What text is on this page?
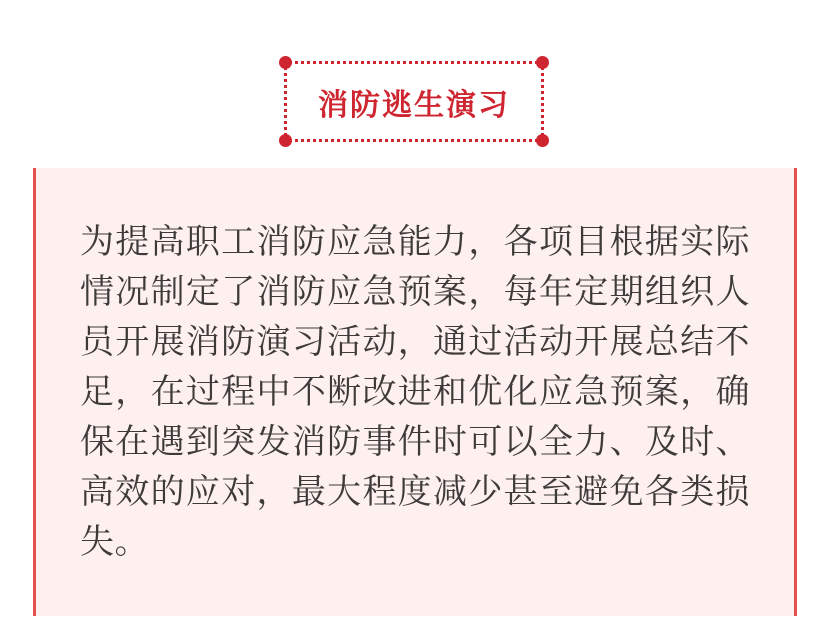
消防逃生演习

为提高职工消防应急能力，各项目根据实际情况制定了消防应急预案，每年定期组织人员开展消防演习活动，通过活动开展总结不足，在过程中不断改进和优化应急预案，确保在遇到突发消防事件时可以全力、及时、高效的应对，最大程度减少甚至避免各类损失。
